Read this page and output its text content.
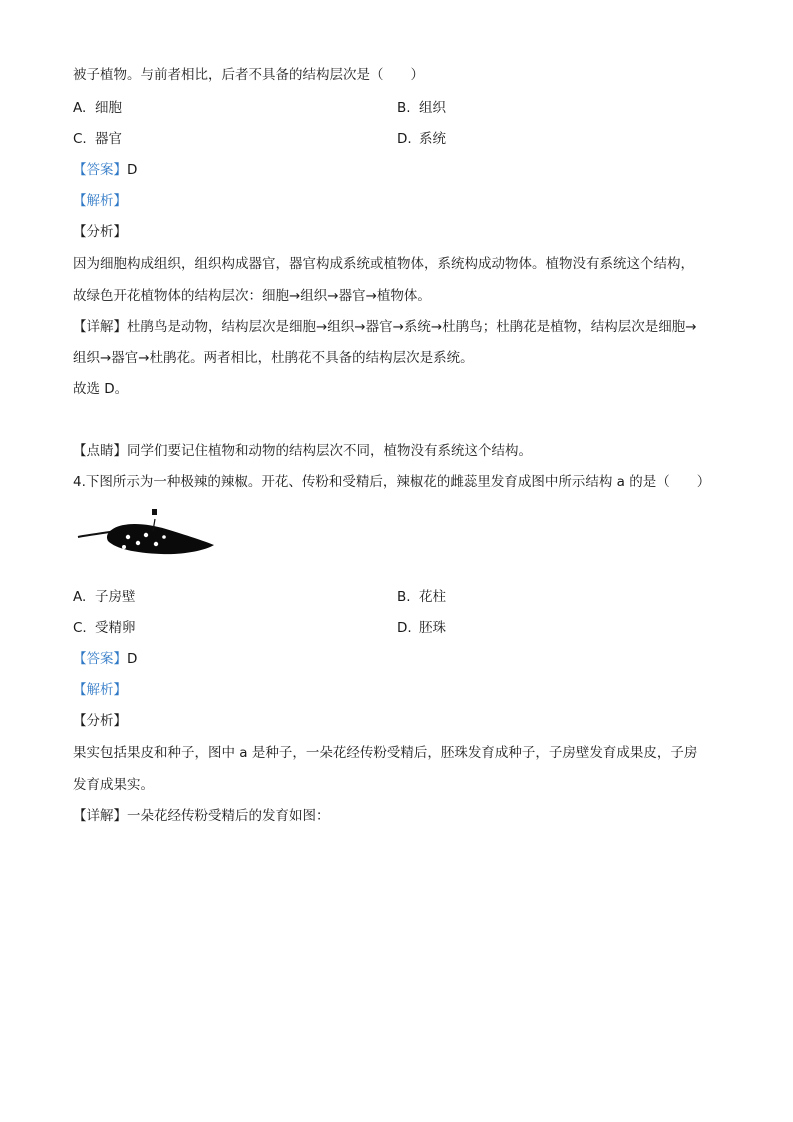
被子植物。与前者相比，后者不具备的结构层次是（　　）
A. 细胞	B. 组织
C. 器官	D. 系统
【答案】D
【解析】
【分析】
因为细胞构成组织，组织构成器官，器官构成系统或植物体，系统构成动物体。植物没有系统这个结构，
故绿色开花植物体的结构层次：细胞→组织→器官→植物体。
【详解】杜鹃鸟是动物，结构层次是细胞→组织→器官→系统→杜鹃鸟；杜鹃花是植物，结构层次是细胞→
组织→器官→杜鹃花。两者相比，杜鹃花不具备的结构层次是系统。
故选 D。
【点睛】同学们要记住植物和动物的结构层次不同，植物没有系统这个结构。
4.下图所示为一种极辣的辣椒。开花、传粉和受精后，辣椒花的雌蕊里发育成图中所示结构 a 的是（　　）
A. 子房壁	B. 花柱
C. 受精卵	D. 胚珠
【答案】D
【解析】
【分析】
果实包括果皮和种子，图中 a 是种子，一朵花经传粉受精后，胚珠发育成种子，子房壁发育成果皮，子房
发育成果实。
【详解】一朵花经传粉受精后的发育如图：
